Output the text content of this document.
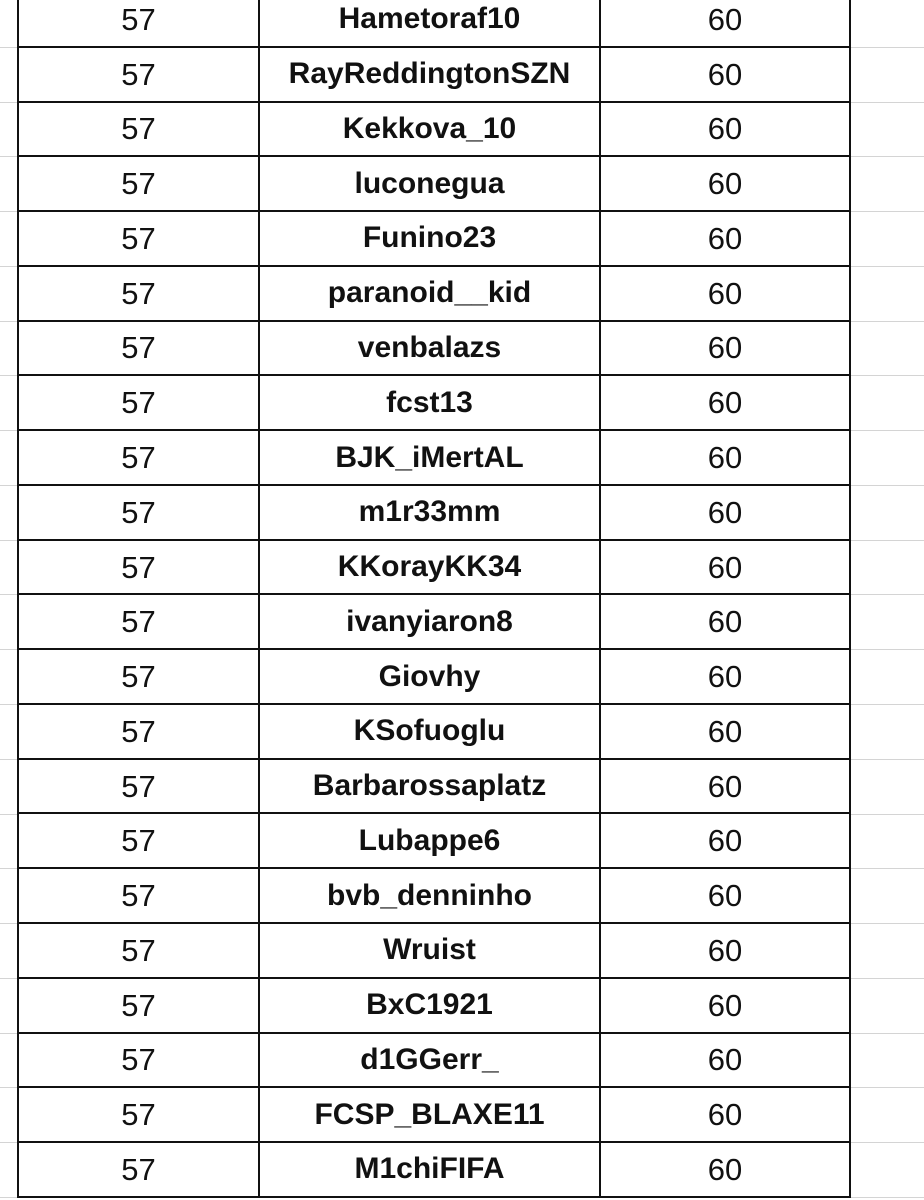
57	Hametoraf10	60
57	RayReddingtonSZN	60
57	Kekkova_10	60
57	luconegua	60
57	Funino23	60
57	paranoid__kid	60
57	venbalazs	60
57	fcst13	60
57	BJK_iMertAL	60
57	m1r33mm	60
57	KKorayKK34	60
57	ivanyiaron8	60
57	Giovhy	60
57	KSofuoglu	60
57	Barbarossaplatz	60
57	Lubappe6	60
57	bvb_denninho	60
57	Wruist	60
57	BxC1921	60
57	d1GGerr_	60
57	FCSP_BLAXE11	60
57	M1chiFIFA	60
